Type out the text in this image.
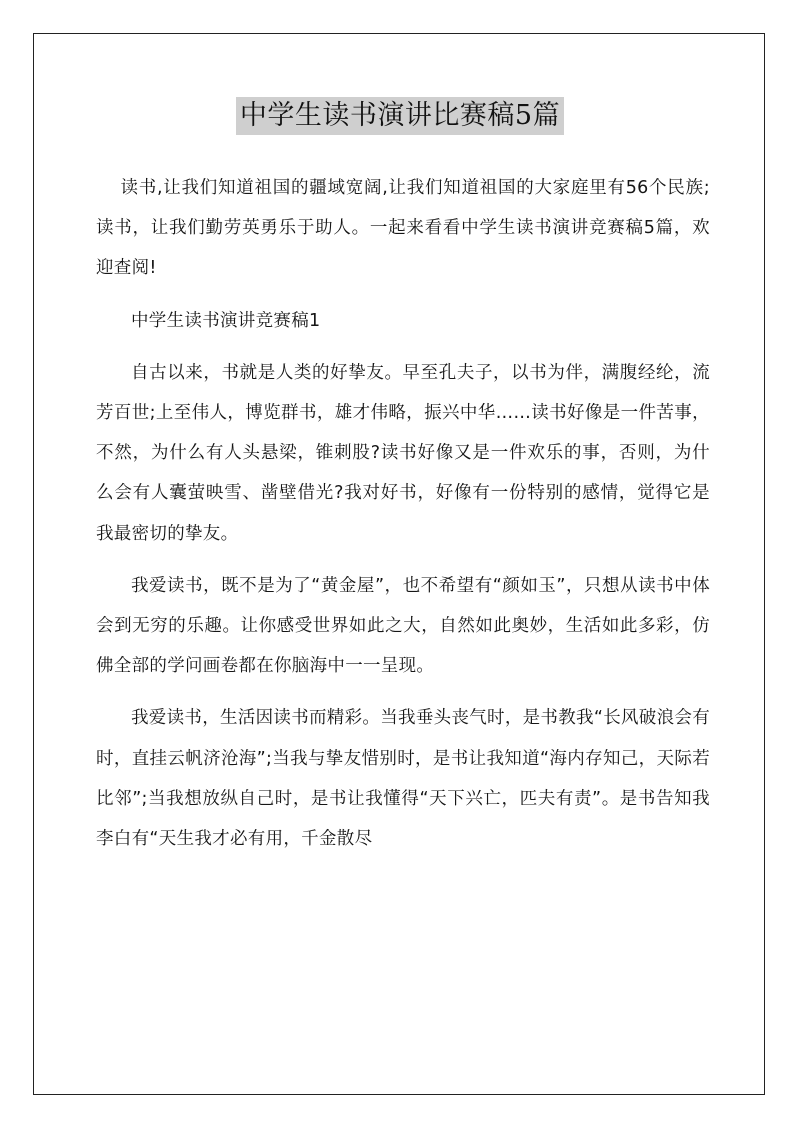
中学生读书演讲比赛稿5篇

读书,让我们知道祖国的疆域宽阔,让我们知道祖国的大家庭里有56个民族;读书，让我们勤劳英勇乐于助人。一起来看看中学生读书演讲竞赛稿5篇，欢迎查阅!

中学生读书演讲竞赛稿1

自古以来，书就是人类的好挚友。早至孔夫子，以书为伴，满腹经纶，流芳百世;上至伟人，博览群书，雄才伟略，振兴中华……读书好像是一件苦事，不然，为什么有人头悬梁，锥刺股?读书好像又是一件欢乐的事，否则，为什么会有人囊萤映雪、凿壁借光?我对好书，好像有一份特别的感情，觉得它是我最密切的挚友。

我爱读书，既不是为了“黄金屋”，也不希望有“颜如玉”，只想从读书中体会到无穷的乐趣。让你感受世界如此之大，自然如此奥妙，生活如此多彩，仿佛全部的学问画卷都在你脑海中一一呈现。

我爱读书，生活因读书而精彩。当我垂头丧气时，是书教我“长风破浪会有时，直挂云帆济沧海”;当我与挚友惜别时，是书让我知道“海内存知己，天际若比邻”;当我想放纵自己时，是书让我懂得“天下兴亡，匹夫有责”。是书告知我李白有“天生我才必有用，千金散尽
